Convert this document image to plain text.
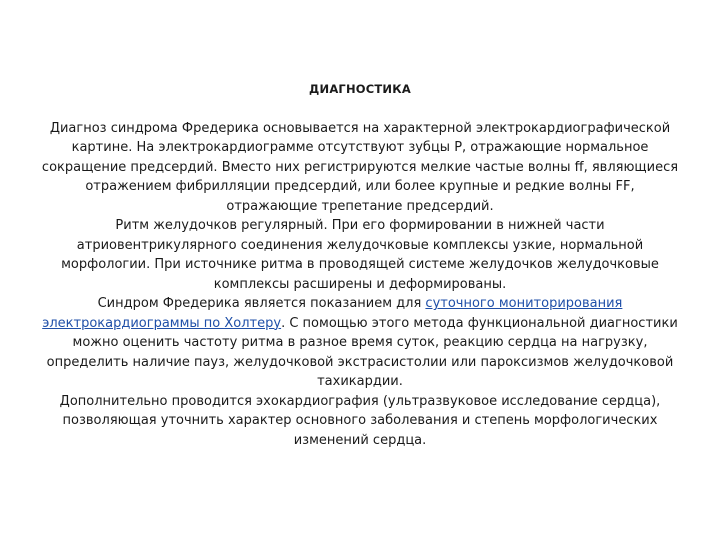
ДИАГНОСТИКА

Диагноз синдрома Фредерика основывается на характерной электрокардиографической картине. На электрокардиограмме отсутствуют зубцы P, отражающие нормальное сокращение предсердий. Вместо них регистрируются мелкие частые волны ff, являющиеся отражением фибрилляции предсердий, или более крупные и редкие волны FF, отражающие трепетание предсердий.

Ритм желудочков регулярный. При его формировании в нижней части атриовентрикулярного соединения желудочковые комплексы узкие, нормальной морфологии. При источнике ритма в проводящей системе желудочков желудочковые комплексы расширены и деформированы.

Синдром Фредерика является показанием для суточного мониторирования электрокардиограммы по Холтеру. С помощью этого метода функциональной диагностики можно оценить частоту ритма в разное время суток, реакцию сердца на нагрузку, определить наличие пауз, желудочковой экстрасистолии или пароксизмов желудочковой тахикардии.

Дополнительно проводится эхокардиография (ультразвуковое исследование сердца), позволяющая уточнить характер основного заболевания и степень морфологических изменений сердца.
